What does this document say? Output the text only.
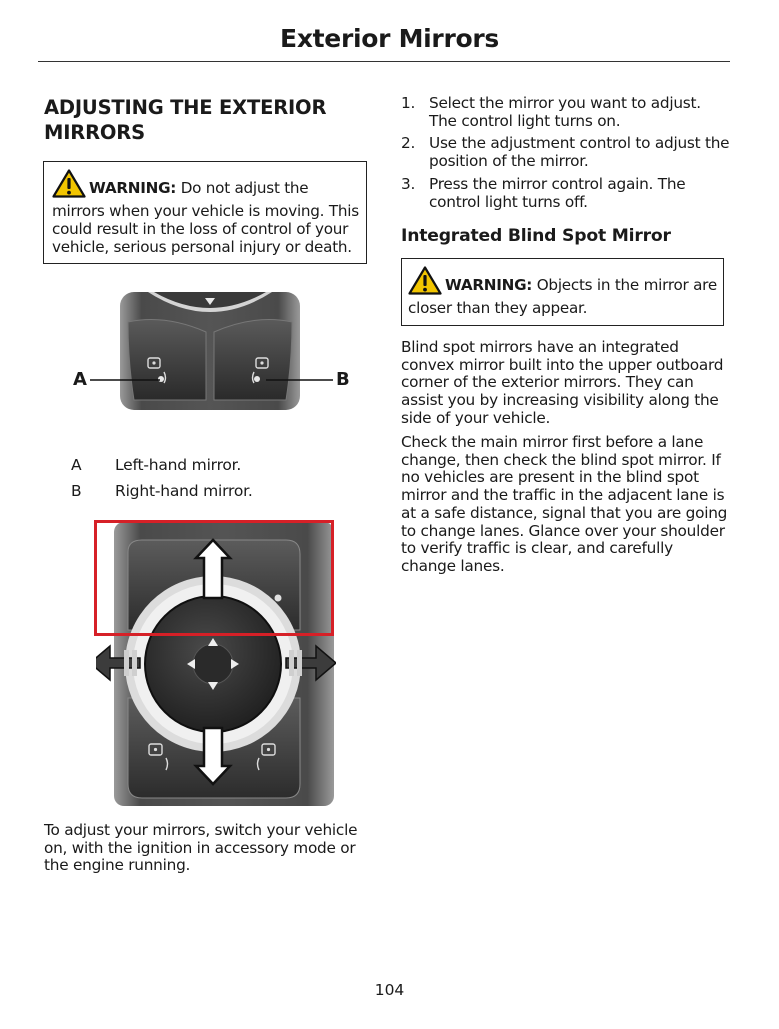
Exterior Mirrors
ADJUSTING THE EXTERIOR
MIRRORS
WARNING: Do not adjust the mirrors when your vehicle is moving. This could result in the loss of control of your vehicle, serious personal injury or death.
A	B
A Left-hand mirror.
B Right-hand mirror.
To adjust your mirrors, switch your vehicle on, with the ignition in accessory mode or the engine running.
1. Select the mirror you want to adjust. The control light turns on.
2. Use the adjustment control to adjust the position of the mirror.
3. Press the mirror control again. The control light turns off.
Integrated Blind Spot Mirror
WARNING: Objects in the mirror are closer than they appear.
Blind spot mirrors have an integrated convex mirror built into the upper outboard corner of the exterior mirrors. They can assist you by increasing visibility along the side of your vehicle.
Check the main mirror first before a lane change, then check the blind spot mirror. If no vehicles are present in the blind spot mirror and the traffic in the adjacent lane is at a safe distance, signal that you are going to change lanes. Glance over your shoulder to verify traffic is clear, and carefully change lanes.
104
